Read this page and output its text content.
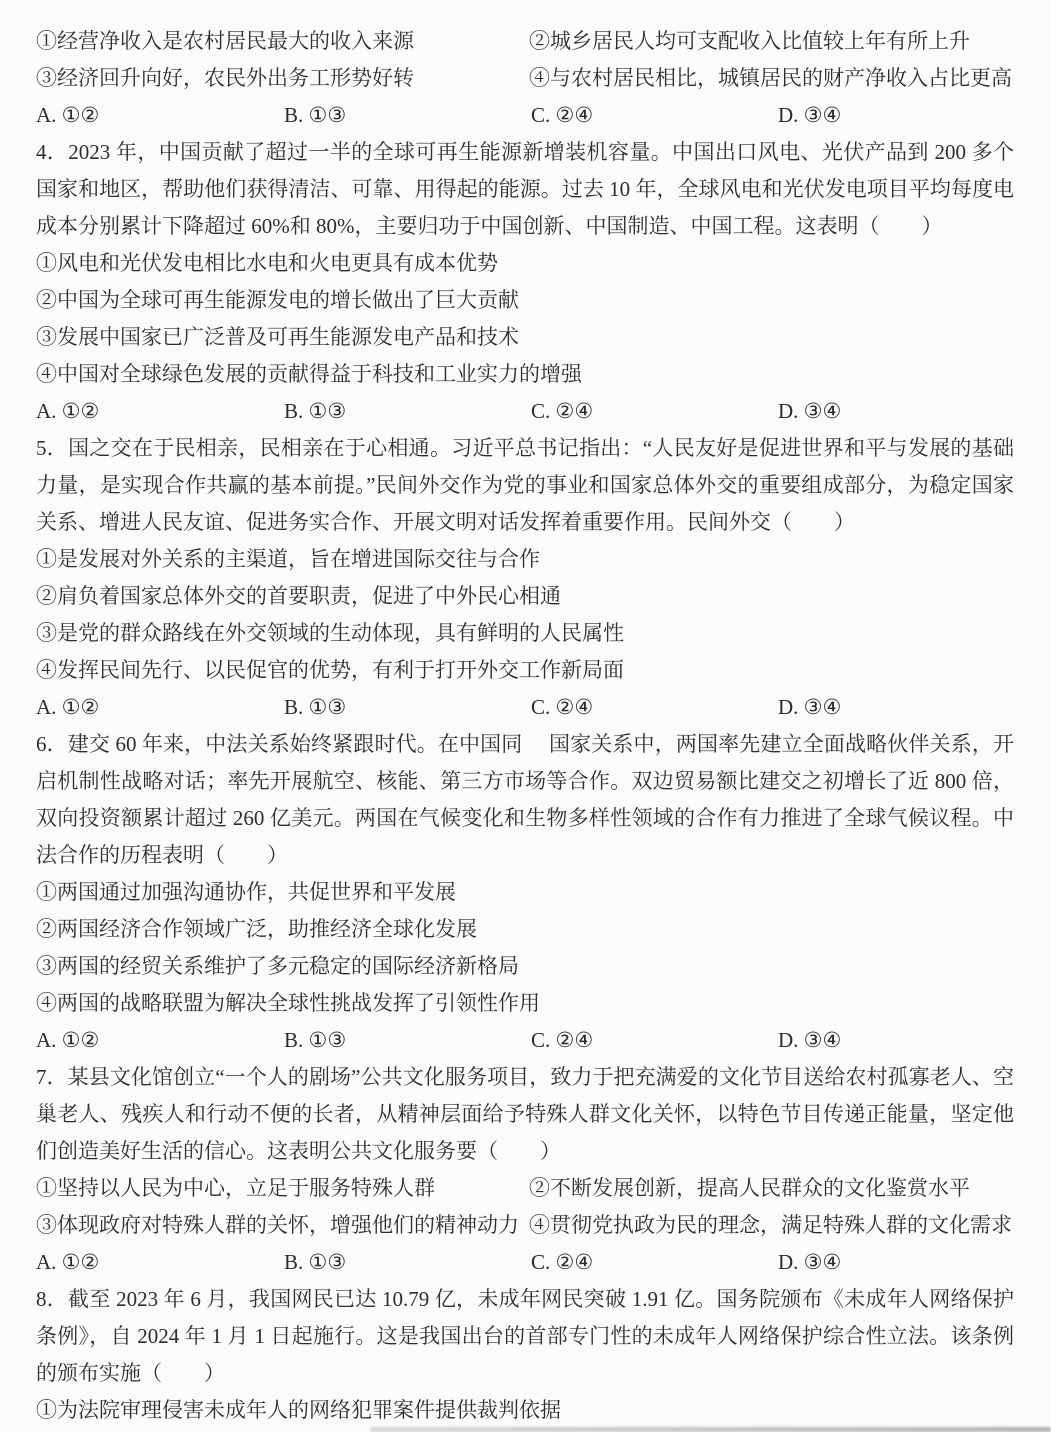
①经营净收入是农村居民最大的收入来源	②城乡居民人均可支配收入比值较上年有所上升
③经济回升向好，农民外出务工形势好转	④与农村居民相比，城镇居民的财产净收入占比更高
A. ①②	B. ①③	C. ②④	D. ③④
4．2023 年，中国贡献了超过一半的全球可再生能源新增装机容量。中国出口风电、光伏产品到 200 多个国家和地区，帮助他们获得清洁、可靠、用得起的能源。过去 10 年，全球风电和光伏发电项目平均每度电成本分别累计下降超过 60%和 80%，主要归功于中国创新、中国制造、中国工程。这表明（　　）
①风电和光伏发电相比水电和火电更具有成本优势
②中国为全球可再生能源发电的增长做出了巨大贡献
③发展中国家已广泛普及可再生能源发电产品和技术
④中国对全球绿色发展的贡献得益于科技和工业实力的增强
A. ①②	B. ①③	C. ②④	D. ③④
5．国之交在于民相亲，民相亲在于心相通。习近平总书记指出：“人民友好是促进世界和平与发展的基础力量，是实现合作共赢的基本前提。”民间外交作为党的事业和国家总体外交的重要组成部分，为稳定国家关系、增进人民友谊、促进务实合作、开展文明对话发挥着重要作用。民间外交（　　）
①是发展对外关系的主渠道，旨在增进国际交往与合作
②肩负着国家总体外交的首要职责，促进了中外民心相通
③是党的群众路线在外交领域的生动体现，具有鲜明的人民属性
④发挥民间先行、以民促官的优势，有利于打开外交工作新局面
A. ①②	B. ①③	C. ②④	D. ③④
6．建交 60 年来，中法关系始终紧跟时代。在中国同　 国家关系中，两国率先建立全面战略伙伴关系，开启机制性战略对话；率先开展航空、核能、第三方市场等合作。双边贸易额比建交之初增长了近 800 倍，双向投资额累计超过 260 亿美元。两国在气候变化和生物多样性领域的合作有力推进了全球气候议程。中法合作的历程表明（　　）
①两国通过加强沟通协作，共促世界和平发展
②两国经济合作领域广泛，助推经济全球化发展
③两国的经贸关系维护了多元稳定的国际经济新格局
④两国的战略联盟为解决全球性挑战发挥了引领性作用
A. ①②	B. ①③	C. ②④	D. ③④
7．某县文化馆创立“一个人的剧场”公共文化服务项目，致力于把充满爱的文化节目送给农村孤寡老人、空巢老人、残疾人和行动不便的长者，从精神层面给予特殊人群文化关怀，以特色节目传递正能量，坚定他们创造美好生活的信心。这表明公共文化服务要（　　）
①坚持以人民为中心，立足于服务特殊人群	②不断发展创新，提高人民群众的文化鉴赏水平
③体现政府对特殊人群的关怀，增强他们的精神动力 ④贯彻党执政为民的理念，满足特殊人群的文化需求
A. ①②	B. ①③	C. ②④	D. ③④
8．截至 2023 年 6 月，我国网民已达 10.79 亿，未成年网民突破 1.91 亿。国务院颁布《未成年人网络保护条例》，自 2024 年 1 月 1 日起施行。这是我国出台的首部专门性的未成年人网络保护综合性立法。该条例的颁布实施（　　）
①为法院审理侵害未成年人的网络犯罪案件提供裁判依据
